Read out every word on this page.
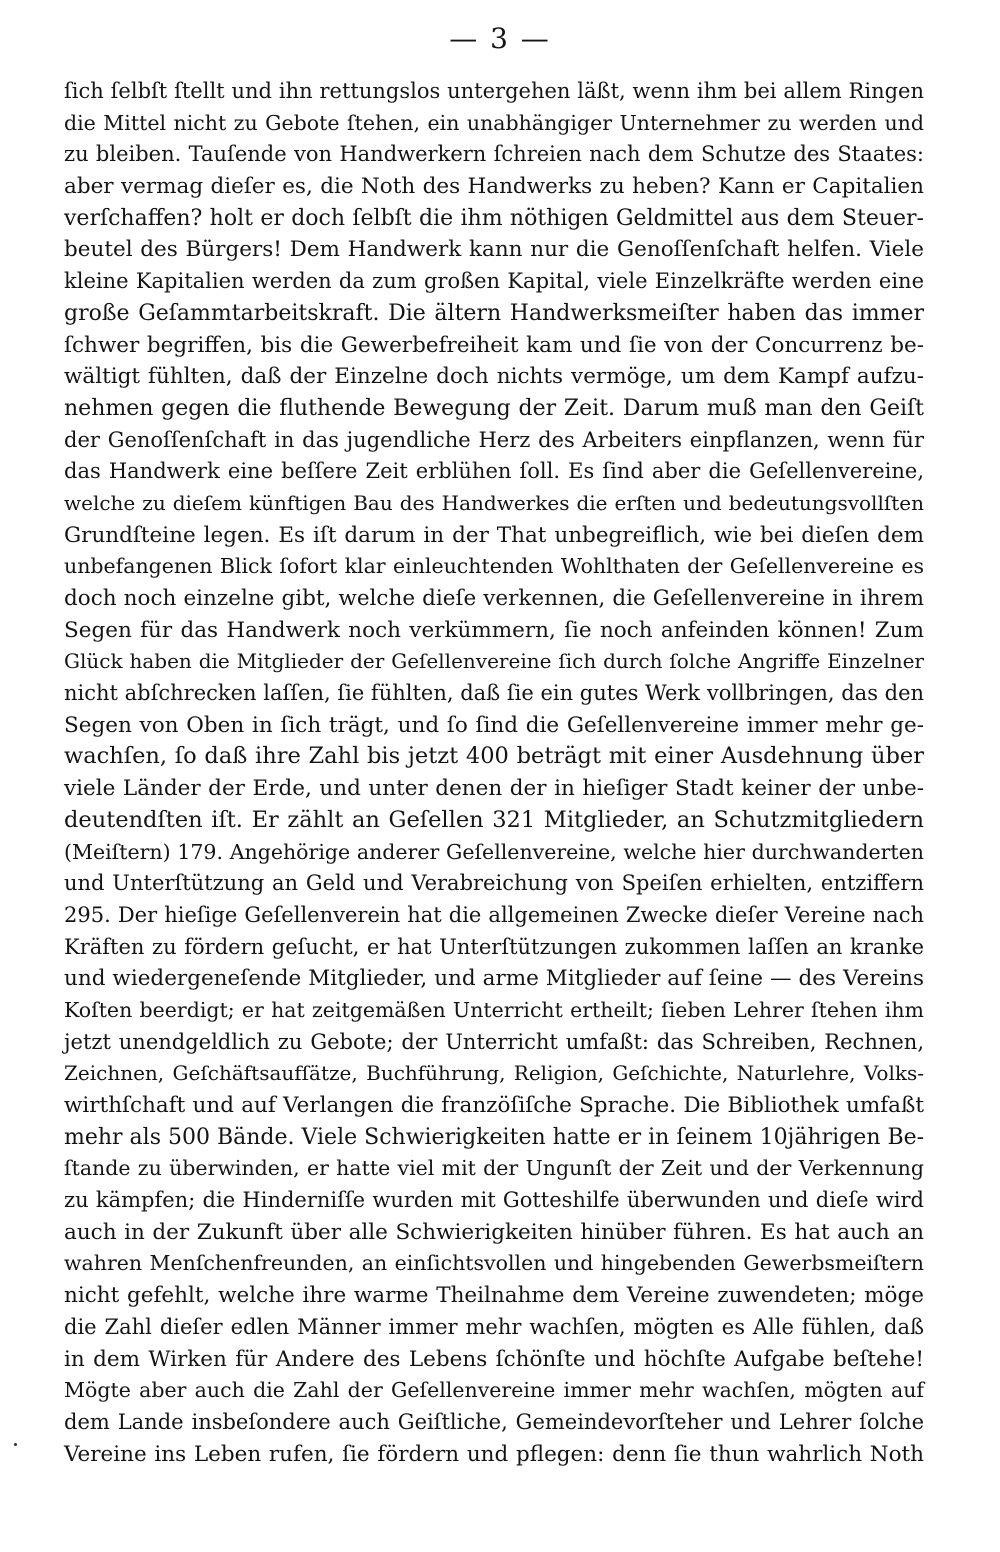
— 3 —
ſich ſelbſt ſtellt und ihn rettungslos untergehen läßt, wenn ihm bei allem Ringen
die Mittel nicht zu Gebote ſtehen, ein unabhängiger Unternehmer zu werden und
zu bleiben. Tauſende von Handwerkern ſchreien nach dem Schutze des Staates:
aber vermag dieſer es, die Noth des Handwerks zu heben? Kann er Capitalien
verſchaffen? holt er doch ſelbſt die ihm nöthigen Geldmittel aus dem Steuer-
beutel des Bürgers! Dem Handwerk kann nur die Genoſſenſchaft helfen. Viele
kleine Kapitalien werden da zum großen Kapital, viele Einzelkräfte werden eine
große Geſammtarbeitskraft. Die ältern Handwerksmeiſter haben das immer
ſchwer begriffen, bis die Gewerbefreiheit kam und ſie von der Concurrenz be-
wältigt fühlten, daß der Einzelne doch nichts vermöge, um dem Kampf aufzu-
nehmen gegen die fluthende Bewegung der Zeit. Darum muß man den Geiſt
der Genoſſenſchaft in das jugendliche Herz des Arbeiters einpflanzen, wenn für
das Handwerk eine beſſere Zeit erblühen ſoll. Es ſind aber die Geſellenvereine,
welche zu dieſem künftigen Bau des Handwerkes die erſten und bedeutungsvollſten
Grundſteine legen. Es iſt darum in der That unbegreiflich, wie bei dieſen dem
unbefangenen Blick ſofort klar einleuchtenden Wohlthaten der Geſellenvereine es
doch noch einzelne gibt, welche dieſe verkennen, die Geſellenvereine in ihrem
Segen für das Handwerk noch verkümmern, ſie noch anfeinden können! Zum
Glück haben die Mitglieder der Geſellenvereine ſich durch ſolche Angriffe Einzelner
nicht abſchrecken laſſen, ſie fühlten, daß ſie ein gutes Werk vollbringen, das den
Segen von Oben in ſich trägt, und ſo ſind die Geſellenvereine immer mehr ge-
wachſen, ſo daß ihre Zahl bis jetzt 400 beträgt mit einer Ausdehnung über
viele Länder der Erde, und unter denen der in hieſiger Stadt keiner der unbe-
deutendſten iſt. Er zählt an Geſellen 321 Mitglieder, an Schutzmitgliedern
(Meiſtern) 179. Angehörige anderer Geſellenvereine, welche hier durchwanderten
und Unterſtützung an Geld und Verabreichung von Speiſen erhielten, entziffern
295. Der hieſige Geſellenverein hat die allgemeinen Zwecke dieſer Vereine nach
Kräften zu fördern geſucht, er hat Unterſtützungen zukommen laſſen an kranke
und wiedergeneſende Mitglieder, und arme Mitglieder auf ſeine — des Vereins
Koſten beerdigt; er hat zeitgemäßen Unterricht ertheilt; ſieben Lehrer ſtehen ihm
jetzt unendgeldlich zu Gebote; der Unterricht umfaßt: das Schreiben, Rechnen,
Zeichnen, Geſchäftsaufſätze, Buchführung, Religion, Geſchichte, Naturlehre, Volks-
wirthſchaft und auf Verlangen die franzöſiſche Sprache. Die Bibliothek umfaßt
mehr als 500 Bände. Viele Schwierigkeiten hatte er in ſeinem 10jährigen Be-
ſtande zu überwinden, er hatte viel mit der Ungunſt der Zeit und der Verkennung
zu kämpfen; die Hinderniſſe wurden mit Gotteshilfe überwunden und dieſe wird
auch in der Zukunft über alle Schwierigkeiten hinüber führen. Es hat auch an
wahren Menſchenfreunden, an einſichtsvollen und hingebenden Gewerbsmeiſtern
nicht gefehlt, welche ihre warme Theilnahme dem Vereine zuwendeten; möge
die Zahl dieſer edlen Männer immer mehr wachſen, mögten es Alle fühlen, daß
in dem Wirken für Andere des Lebens ſchönſte und höchſte Aufgabe beſtehe!
Mögte aber auch die Zahl der Geſellenvereine immer mehr wachſen, mögten auf
dem Lande insbeſondere auch Geiſtliche, Gemeindevorſteher und Lehrer ſolche
Vereine ins Leben rufen, ſie fördern und pflegen: denn ſie thun wahrlich Noth
